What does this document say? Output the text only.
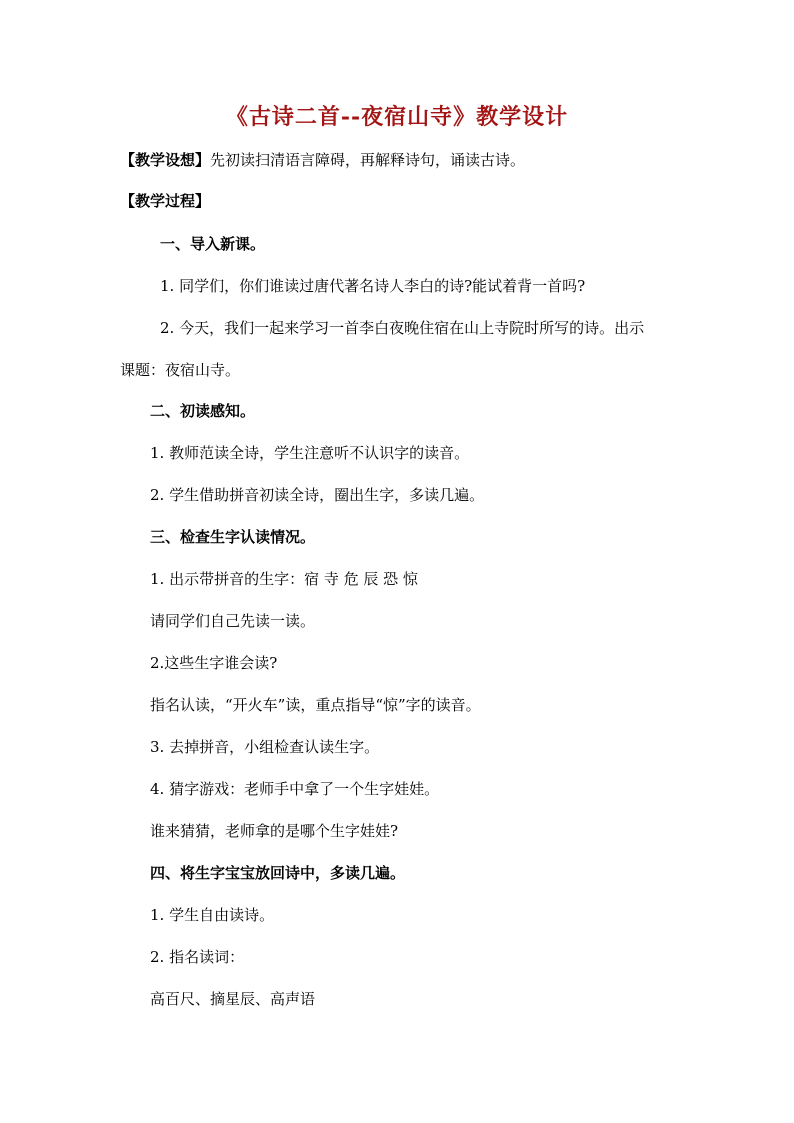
《古诗二首--夜宿山寺》教学设计
【教学设想】先初读扫清语言障碍，再解释诗句，诵读古诗。
【教学过程】
一、导入新课。
1. 同学们，你们谁读过唐代著名诗人李白的诗?能试着背一首吗?
2. 今天，我们一起来学习一首李白夜晚住宿在山上寺院时所写的诗。出示
课题：夜宿山寺。
二、初读感知。
1. 教师范读全诗，学生注意听不认识字的读音。
2. 学生借助拼音初读全诗，圈出生字，多读几遍。
三、检查生字认读情况。
1. 出示带拼音的生字：宿 寺 危 辰 恐 惊
请同学们自己先读一读。
2.这些生字谁会读?
指名认读，“开火车”读，重点指导“惊”字的读音。
3. 去掉拼音，小组检查认读生字。
4. 猜字游戏：老师手中拿了一个生字娃娃。
谁来猜猜，老师拿的是哪个生字娃娃?
四、将生字宝宝放回诗中，多读几遍。
1. 学生自由读诗。
2. 指名读词：
高百尺、摘星辰、高声语
